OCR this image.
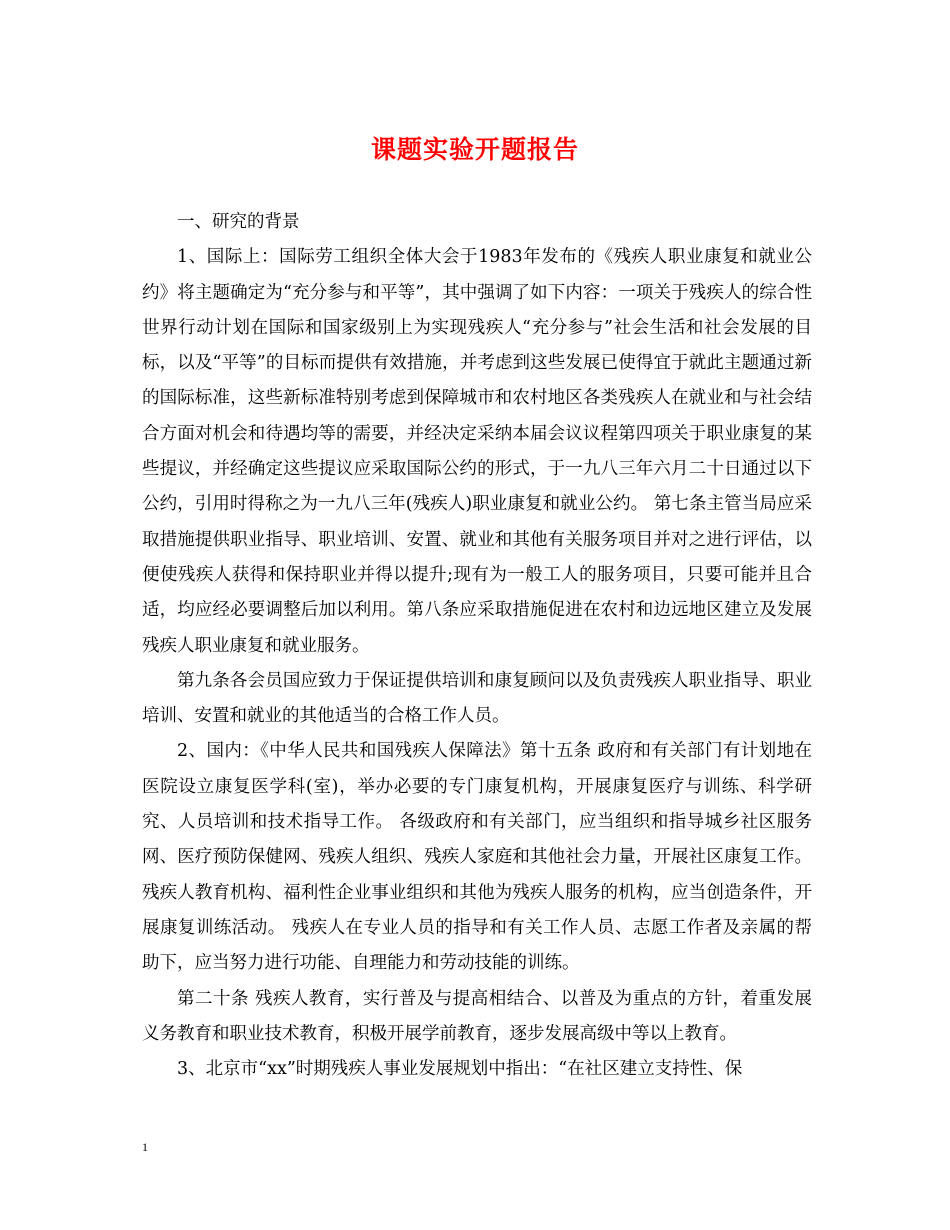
课题实验开题报告

一、研究的背景

1、国际上：国际劳工组织全体大会于1983年发布的《残疾人职业康复和就业公约》将主题确定为“充分参与和平等”，其中强调了如下内容：一项关于残疾人的综合性世界行动计划在国际和国家级别上为实现残疾人“充分参与”社会生活和社会发展的目标，以及“平等”的目标而提供有效措施，并考虑到这些发展已使得宜于就此主题通过新的国际标准，这些新标准特别考虑到保障城市和农村地区各类残疾人在就业和与社会结合方面对机会和待遇均等的需要，并经决定采纳本届会议议程第四项关于职业康复的某些提议，并经确定这些提议应采取国际公约的形式，于一九八三年六月二十日通过以下公约，引用时得称之为一九八三年(残疾人)职业康复和就业公约。 第七条主管当局应采取措施提供职业指导、职业培训、安置、就业和其他有关服务项目并对之进行评估，以便使残疾人获得和保持职业并得以提升;现有为一般工人的服务项目，只要可能并且合适，均应经必要调整后加以利用。第八条应采取措施促进在农村和边远地区建立及发展残疾人职业康复和就业服务。

第九条各会员国应致力于保证提供培训和康复顾问以及负责残疾人职业指导、职业培训、安置和就业的其他适当的合格工作人员。

2、国内：《中华人民共和国残疾人保障法》第十五条 政府和有关部门有计划地在医院设立康复医学科(室)，举办必要的专门康复机构，开展康复医疗与训练、科学研究、人员培训和技术指导工作。 各级政府和有关部门，应当组织和指导城乡社区服务网、医疗预防保健网、残疾人组织、残疾人家庭和其他社会力量，开展社区康复工作。 残疾人教育机构、福利性企业事业组织和其他为残疾人服务的机构，应当创造条件，开展康复训练活动。 残疾人在专业人员的指导和有关工作人员、志愿工作者及亲属的帮助下，应当努力进行功能、自理能力和劳动技能的训练。

第二十条 残疾人教育，实行普及与提高相结合、以普及为重点的方针，着重发展义务教育和职业技术教育，积极开展学前教育，逐步发展高级中等以上教育。

3、北京市“xx”时期残疾人事业发展规划中指出：“在社区建立支持性、保

1
